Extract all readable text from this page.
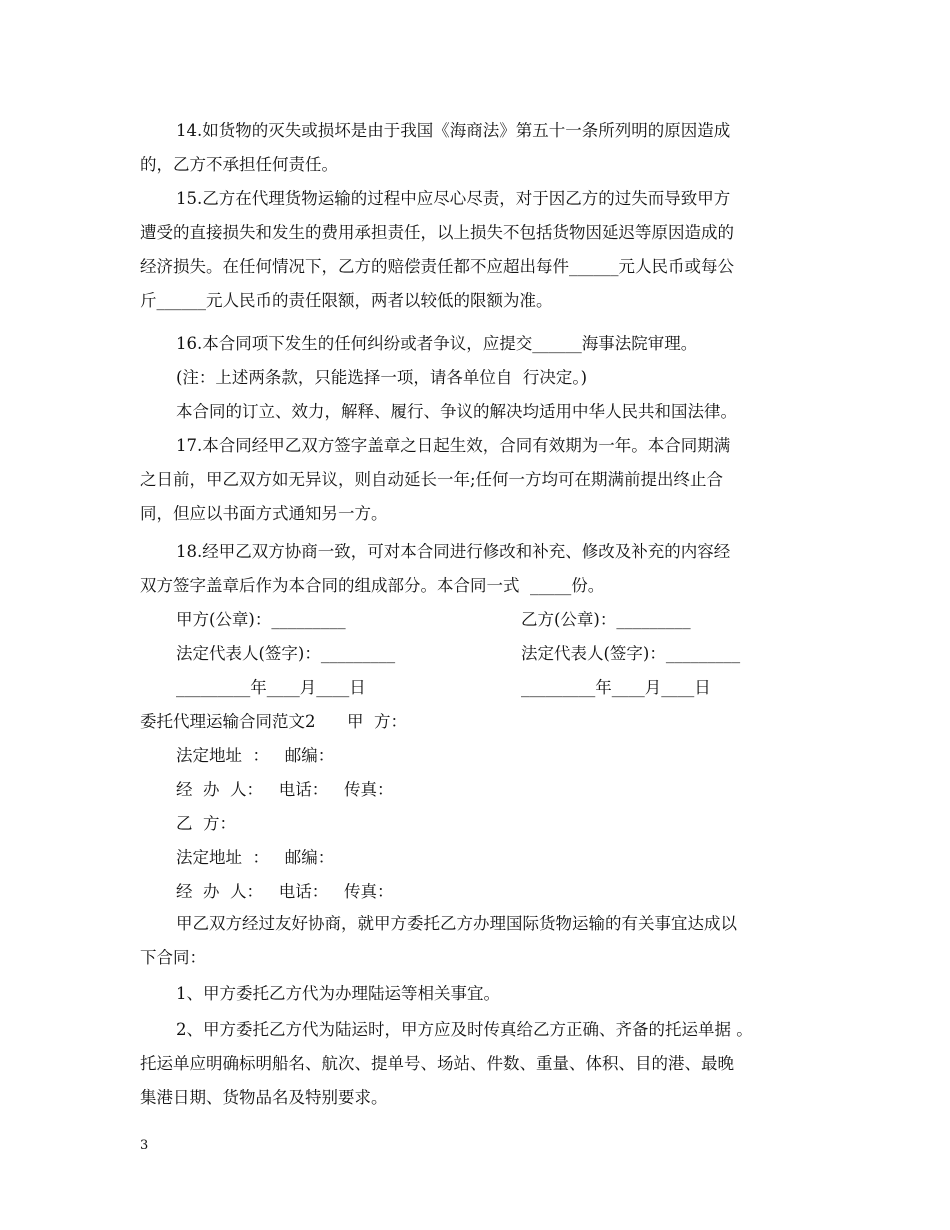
14.如货物的灭失或损坏是由于我国《海商法》第五十一条所列明的原因造成
的，乙方不承担任何责任。
15.乙方在代理货物运输的过程中应尽心尽责，对于因乙方的过失而导致甲方
遭受的直接损失和发生的费用承担责任，以上损失不包括货物因延迟等原因造成的
经济损失。在任何情况下，乙方的赔偿责任都不应超出每件______元人民币或每公
斤______元人民币的责任限额，两者以较低的限额为准。
16.本合同项下发生的任何纠纷或者争议，应提交______海事法院审理。
(注：上述两条款，只能选择一项，请各单位自  行决定。)
本合同的订立、效力，解释、履行、争议的解决均适用中华人民共和国法律。
17.本合同经甲乙双方签字盖章之日起生效，合同有效期为一年。本合同期满
之日前，甲乙双方如无异议，则自动延长一年;任何一方均可在期满前提出终止合
同，但应以书面方式通知另一方。
18.经甲乙双方协商一致，可对本合同进行修改和补充、修改及补充的内容经
双方签字盖章后作为本合同的组成部分。本合同一式  _____份。
甲方(公章)：_________	乙方(公章)：_________
法定代表人(签字)：_________	法定代表人(签字)：_________
_________年____月____日	_________年____月____日
委托代理运输合同范文2      甲  方：
法定地址  ：   邮编：
经  办  人：   电话：   传真：
乙  方：
法定地址  ：   邮编：
经  办  人：   电话：   传真：
甲乙双方经过友好协商，就甲方委托乙方办理国际货物运输的有关事宜达成以
下合同：
1、甲方委托乙方代为办理陆运等相关事宜。
2、甲方委托乙方代为陆运时，甲方应及时传真给乙方正确、齐备的托运单据 。
托运单应明确标明船名、航次、提单号、场站、件数、重量、体积、目的港、最晚
集港日期、货物品名及特别要求。
3
